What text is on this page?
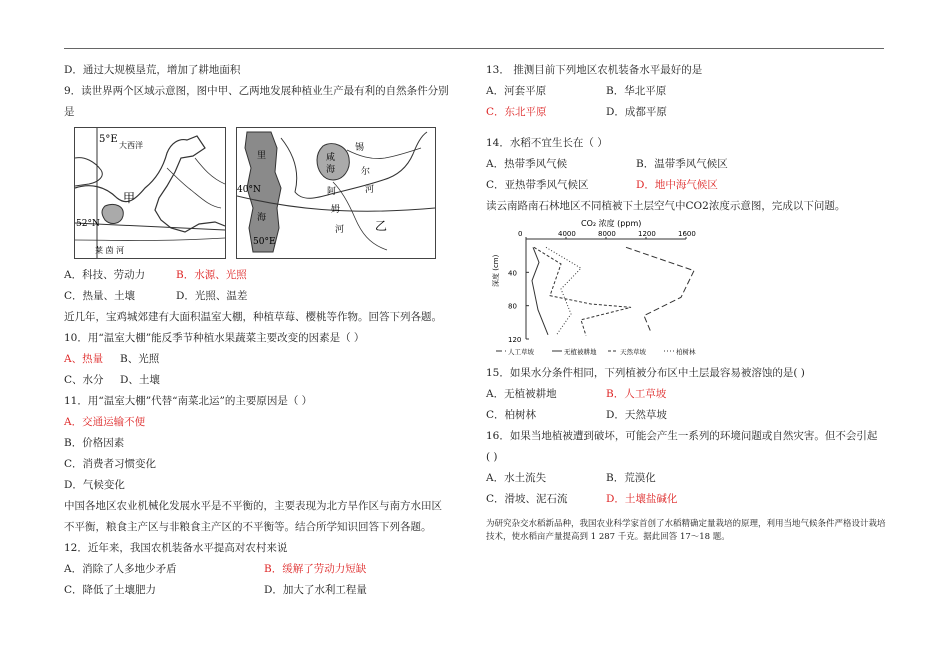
D．通过大规模垦荒，增加了耕地面积
9．读世界两个区域示意图，图中甲、乙两地发展种植业生产最有利的自然条件分别
是
5°E
大西洋
甲
52°N
莱 茵 河
里
海
咸
海
锡
尔
河
阿
姆
河	乙
40°N
50°E
A．科技、劳动力	B．水源、光照
C．热量、土壤	D．光照、温差
近几年，宝鸡城郊建有大面积温室大棚，种植草莓、樱桃等作物。回答下列各题。
10．用“温室大棚”能反季节种植水果蔬菜主要改变的因素是（ ）
A、热量	B、光照
C、水分	D、土壤
11．用“温室大棚”代替“南菜北运”的主要原因是（ ）
A．交通运输不便
B．价格因素
C．消费者习惯变化
D．气候变化
中国各地区农业机械化发展水平是不平衡的，主要表现为北方旱作区与南方水田区
不平衡，粮食主产区与非粮食主产区的不平衡等。结合所学知识回答下列各题。
12．近年来，我国农机装备水平提高对农村来说
A．消除了人多地少矛盾	B．缓解了劳动力短缺
C．降低了土壤肥力	D．加大了水利工程量
13． 推测目前下列地区农机装备水平最好的是
A．河套平原	B．华北平原
C．东北平原	D．成都平原
14．水稻不宜生长在（ ）
A．热带季风气候	B．温带季风气候区
C．亚热带季风气候区	D．地中海气候区
读云南路南石林地区不同植被下土层空气中CO2浓度示意图，完成以下问题。
CO₂ 浓度 (ppm)
0	4000	8000	1200	1600
40
80
120
深度 (cm)
人工草坡	无植被耕地	天然草坡	柏树林
15．如果水分条件相同，下列植被分布区中土层最容易被溶蚀的是( )
A．无植被耕地	B．人工草坡
C．柏树林	D．天然草坡
16．如果当地植被遭到破坏，可能会产生一系列的环境问题或自然灾害。但不会引起
( )
A．水土流失	B．荒漠化
C．滑坡、泥石流	D．土壤盐碱化
为研究杂交水稻新品种，我国农业科学家首创了水稻精确定量栽培的原理，利用当地气候条件严格设计栽培技术，使水稻亩产量提高到 1 287 千克。据此回答 17～18 题。
